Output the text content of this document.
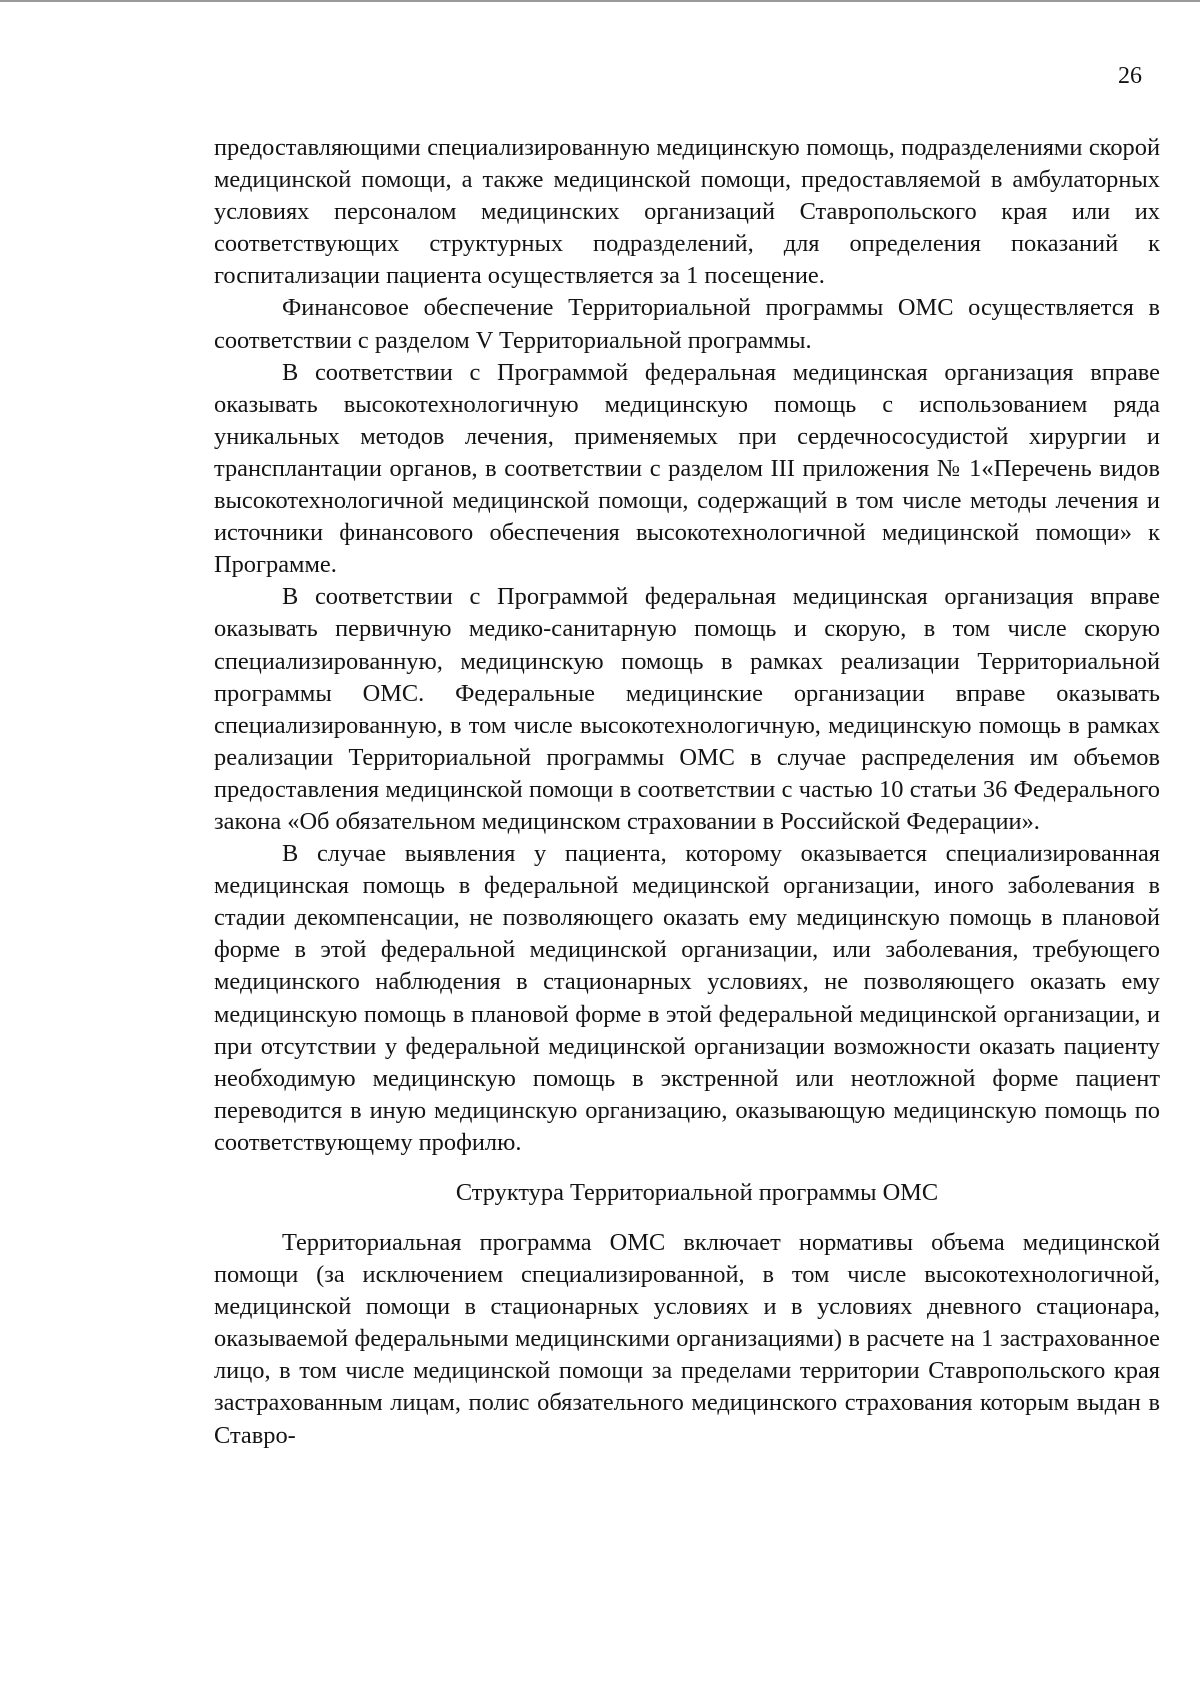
26

предоставляющими специализированную медицинскую помощь, подразделениями скорой медицинской помощи, а также медицинской помощи, предоставляемой в амбулаторных условиях персоналом медицинских организаций Ставропольского края или их соответствующих структурных подразделений, для определения показаний к госпитализации пациента осуществляется за 1 посещение.

Финансовое обеспечение Территориальной программы ОМС осуществляется в соответствии с разделом V Территориальной программы.

В соответствии с Программой федеральная медицинская организация вправе оказывать высокотехнологичную медицинскую помощь с использованием ряда уникальных методов лечения, применяемых при сердечнососудистой хирургии и трансплантации органов, в соответствии с разделом III приложения № 1«Перечень видов высокотехнологичной медицинской помощи, содержащий в том числе методы лечения и источники финансового обеспечения высокотехнологичной медицинской помощи» к Программе.

В соответствии с Программой федеральная медицинская организация вправе оказывать первичную медико-санитарную помощь и скорую, в том числе скорую специализированную, медицинскую помощь в рамках реализации Территориальной программы ОМС. Федеральные медицинские организации вправе оказывать специализированную, в том числе высокотехнологичную, медицинскую помощь в рамках реализации Территориальной программы ОМС в случае распределения им объемов предоставления медицинской помощи в соответствии с частью 10 статьи 36 Федерального закона «Об обязательном медицинском страховании в Российской Федерации».

В случае выявления у пациента, которому оказывается специализированная медицинская помощь в федеральной медицинской организации, иного заболевания в стадии декомпенсации, не позволяющего оказать ему медицинскую помощь в плановой форме в этой федеральной медицинской организации, или заболевания, требующего медицинского наблюдения в стационарных условиях, не позволяющего оказать ему медицинскую помощь в плановой форме в этой федеральной медицинской организации, и при отсутствии у федеральной медицинской организации возможности оказать пациенту необходимую медицинскую помощь в экстренной или неотложной форме пациент переводится в иную медицинскую организацию, оказывающую медицинскую помощь по соответствующему профилю.

Структура Территориальной программы ОМС

Территориальная программа ОМС включает нормативы объема медицинской помощи (за исключением специализированной, в том числе высокотехнологичной, медицинской помощи в стационарных условиях и в условиях дневного стационара, оказываемой федеральными медицинскими организациями) в расчете на 1 застрахованное лицо, в том числе медицинской помощи за пределами территории Ставропольского края застрахованным лицам, полис обязательного медицинского страхования которым выдан в Ставро-
